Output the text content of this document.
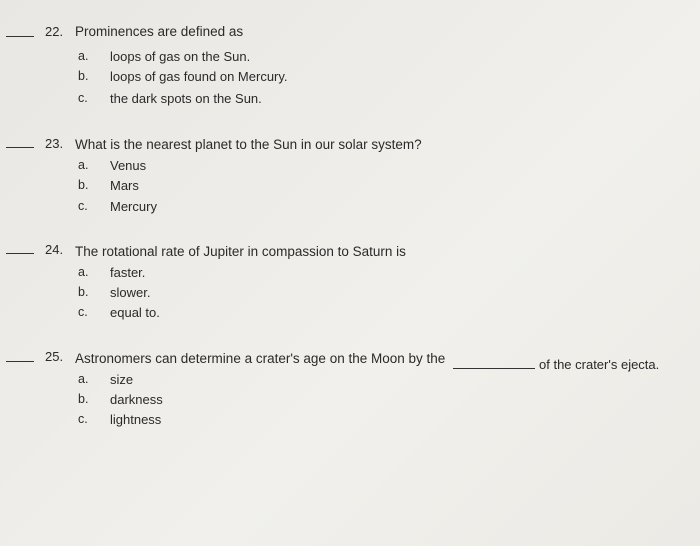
22. Prominences are defined as
a. loops of gas on the Sun.
b. loops of gas found on Mercury.
c. the dark spots on the Sun.
23. What is the nearest planet to the Sun in our solar system?
a. Venus
b. Mars
c. Mercury
24. The rotational rate of Jupiter in compassion to Saturn is
a. faster.
b. slower.
c. equal to.
25. Astronomers can determine a crater's age on the Moon by the	of the crater's ejecta.
a. size
b. darkness
c. lightness
